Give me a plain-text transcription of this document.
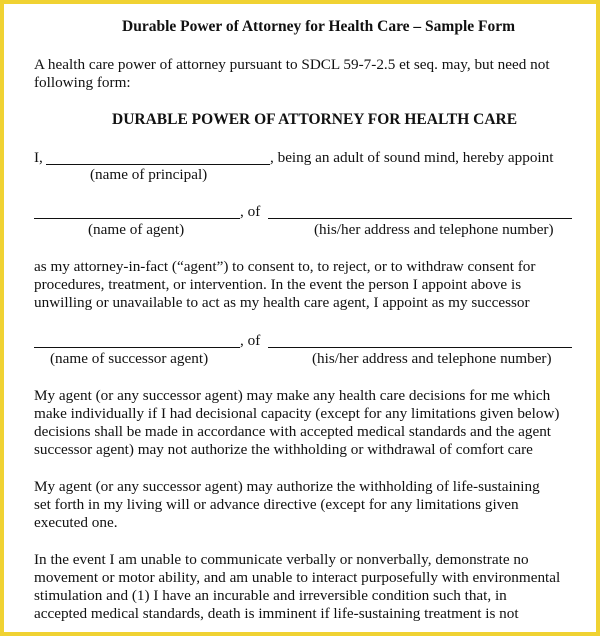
Durable Power of Attorney for Health Care – Sample Form
A health care power of attorney pursuant to SDCL 59-7-2.5 et seq. may, but need not
following form:
DURABLE POWER OF ATTORNEY FOR HEALTH CARE
I,	, being an adult of sound mind, hereby appoint
(name of principal)
, of
(name of agent)	(his/her address and telephone number)
as my attorney-in-fact (“agent”) to consent to, to reject, or to withdraw consent for
procedures, treatment, or intervention. In the event the person I appoint above is
unwilling or unavailable to act as my health care agent, I appoint as my successor
, of
(name of successor agent)	(his/her address and telephone number)
My agent (or any successor agent) may make any health care decisions for me which
make individually if I had decisional capacity (except for any limitations given below)
decisions shall be made in accordance with accepted medical standards and the agent
successor agent) may not authorize the withholding or withdrawal of comfort care
My agent (or any successor agent) may authorize the withholding of life-sustaining
set forth in my living will or advance directive (except for any limitations given
executed one.
In the event I am unable to communicate verbally or nonverbally, demonstrate no
movement or motor ability, and am unable to interact purposefully with environmental
stimulation and (1) I have an incurable and irreversible condition such that, in
accepted medical standards, death is imminent if life-sustaining treatment is not
